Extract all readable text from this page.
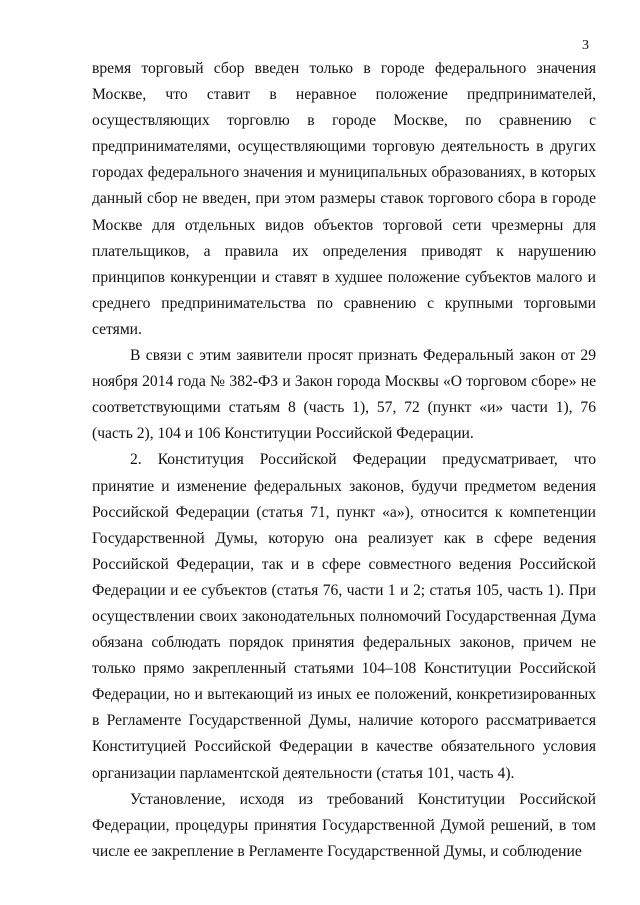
3

время торговый сбор введен только в городе федерального значения Москве, что ставит в неравное положение предпринимателей, осуществляющих торговлю в городе Москве, по сравнению с предпринимателями, осуществляющими торговую деятельность в других городах федерального значения и муниципальных образованиях, в которых данный сбор не введен, при этом размеры ставок торгового сбора в городе Москве для отдельных видов объектов торговой сети чрезмерны для плательщиков, а правила их определения приводят к нарушению принципов конкуренции и ставят в худшее положение субъектов малого и среднего предпринимательства по сравнению с крупными торговыми сетями.

В связи с этим заявители просят признать Федеральный закон от 29 ноября 2014 года № 382-ФЗ и Закон города Москвы «О торговом сборе» не соответствующими статьям 8 (часть 1), 57, 72 (пункт «и» части 1), 76 (часть 2), 104 и 106 Конституции Российской Федерации.

2. Конституция Российской Федерации предусматривает, что принятие и изменение федеральных законов, будучи предметом ведения Российской Федерации (статья 71, пункт «а»), относится к компетенции Государственной Думы, которую она реализует как в сфере ведения Российской Федерации, так и в сфере совместного ведения Российской Федерации и ее субъектов (статья 76, части 1 и 2; статья 105, часть 1). При осуществлении своих законодательных полномочий Государственная Дума обязана соблюдать порядок принятия федеральных законов, причем не только прямо закрепленный статьями 104–108 Конституции Российской Федерации, но и вытекающий из иных ее положений, конкретизированных в Регламенте Государственной Думы, наличие которого рассматривается Конституцией Российской Федерации в качестве обязательного условия организации парламентской деятельности (статья 101, часть 4).

Установление, исходя из требований Конституции Российской Федерации, процедуры принятия Государственной Думой решений, в том числе ее закрепление в Регламенте Государственной Думы, и соблюдение
